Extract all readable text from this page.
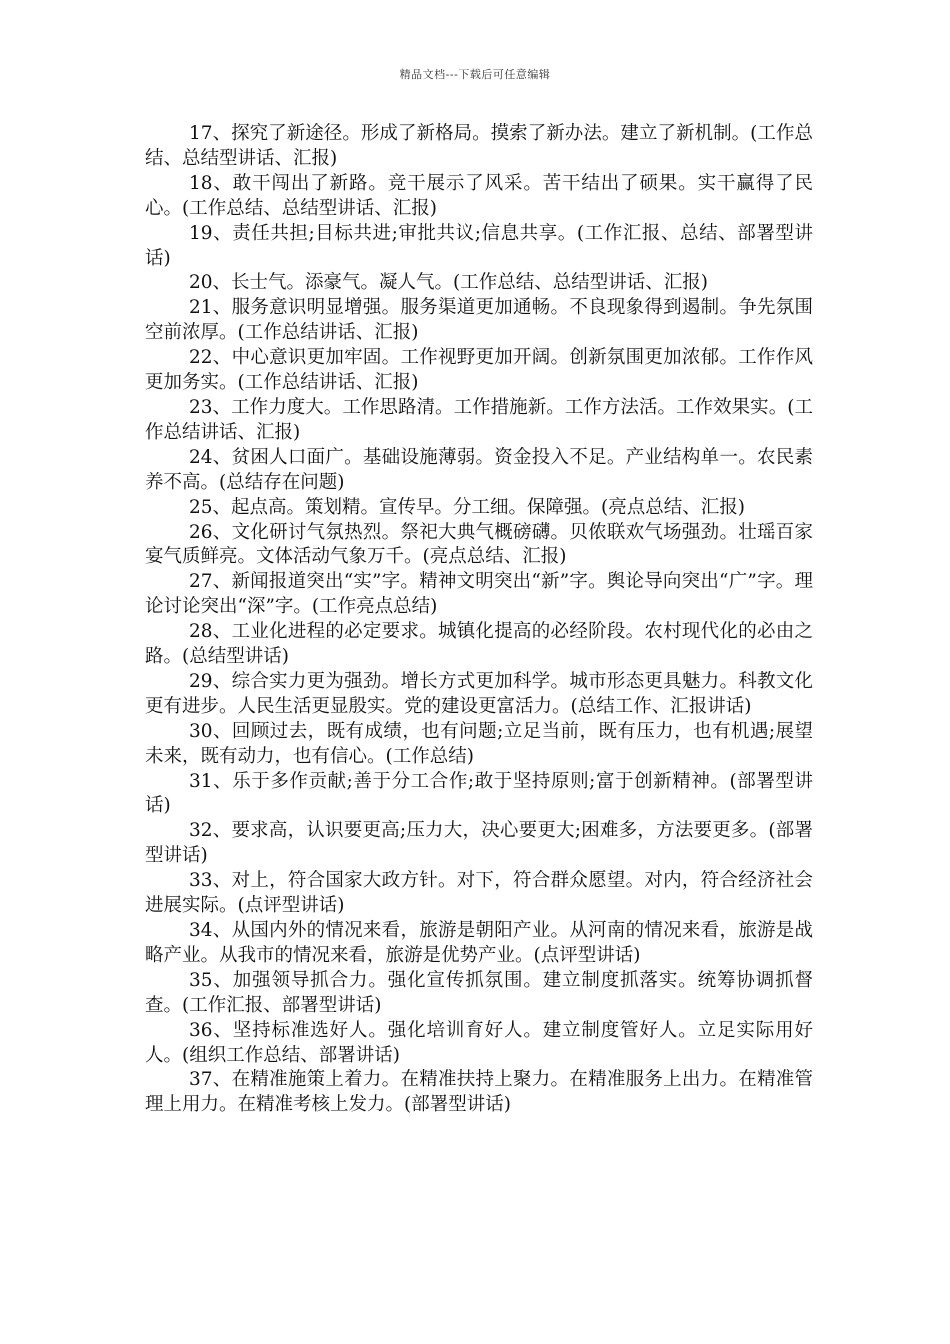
精品文档---下载后可任意编辑

17、探究了新途径。形成了新格局。摸索了新办法。建立了新机制。(工作总结、总结型讲话、汇报)

18、敢干闯出了新路。竞干展示了风采。苦干结出了硕果。实干赢得了民心。(工作总结、总结型讲话、汇报)

19、责任共担;目标共进;审批共议;信息共享。(工作汇报、总结、部署型讲话)

20、长士气。添豪气。凝人气。(工作总结、总结型讲话、汇报)

21、服务意识明显增强。服务渠道更加通畅。不良现象得到遏制。争先氛围空前浓厚。(工作总结讲话、汇报)

22、中心意识更加牢固。工作视野更加开阔。创新氛围更加浓郁。工作作风更加务实。(工作总结讲话、汇报)

23、工作力度大。工作思路清。工作措施新。工作方法活。工作效果实。(工作总结讲话、汇报)

24、贫困人口面广。基础设施薄弱。资金投入不足。产业结构单一。农民素养不高。(总结存在问题)

25、起点高。策划精。宣传早。分工细。保障强。(亮点总结、汇报)

26、文化研讨气氛热烈。祭祀大典气概磅礴。贝侬联欢气场强劲。壮瑶百家宴气质鲜亮。文体活动气象万千。(亮点总结、汇报)

27、新闻报道突出“实”字。精神文明突出“新”字。舆论导向突出“广”字。理论讨论突出“深”字。(工作亮点总结)

28、工业化进程的必定要求。城镇化提高的必经阶段。农村现代化的必由之路。(总结型讲话)

29、综合实力更为强劲。增长方式更加科学。城市形态更具魅力。科教文化更有进步。人民生活更显殷实。党的建设更富活力。(总结工作、汇报讲话)

30、回顾过去，既有成绩，也有问题;立足当前，既有压力，也有机遇;展望未来，既有动力，也有信心。(工作总结)

31、乐于多作贡献;善于分工合作;敢于坚持原则;富于创新精神。(部署型讲话)

32、要求高，认识要更高;压力大，决心要更大;困难多，方法要更多。(部署型讲话)

33、对上，符合国家大政方针。对下，符合群众愿望。对内，符合经济社会进展实际。(点评型讲话)

34、从国内外的情况来看，旅游是朝阳产业。从河南的情况来看，旅游是战略产业。从我市的情况来看，旅游是优势产业。(点评型讲话)

35、加强领导抓合力。强化宣传抓氛围。建立制度抓落实。统筹协调抓督查。(工作汇报、部署型讲话)

36、坚持标准选好人。强化培训育好人。建立制度管好人。立足实际用好人。(组织工作总结、部署讲话)

37、在精准施策上着力。在精准扶持上聚力。在精准服务上出力。在精准管理上用力。在精准考核上发力。(部署型讲话)
